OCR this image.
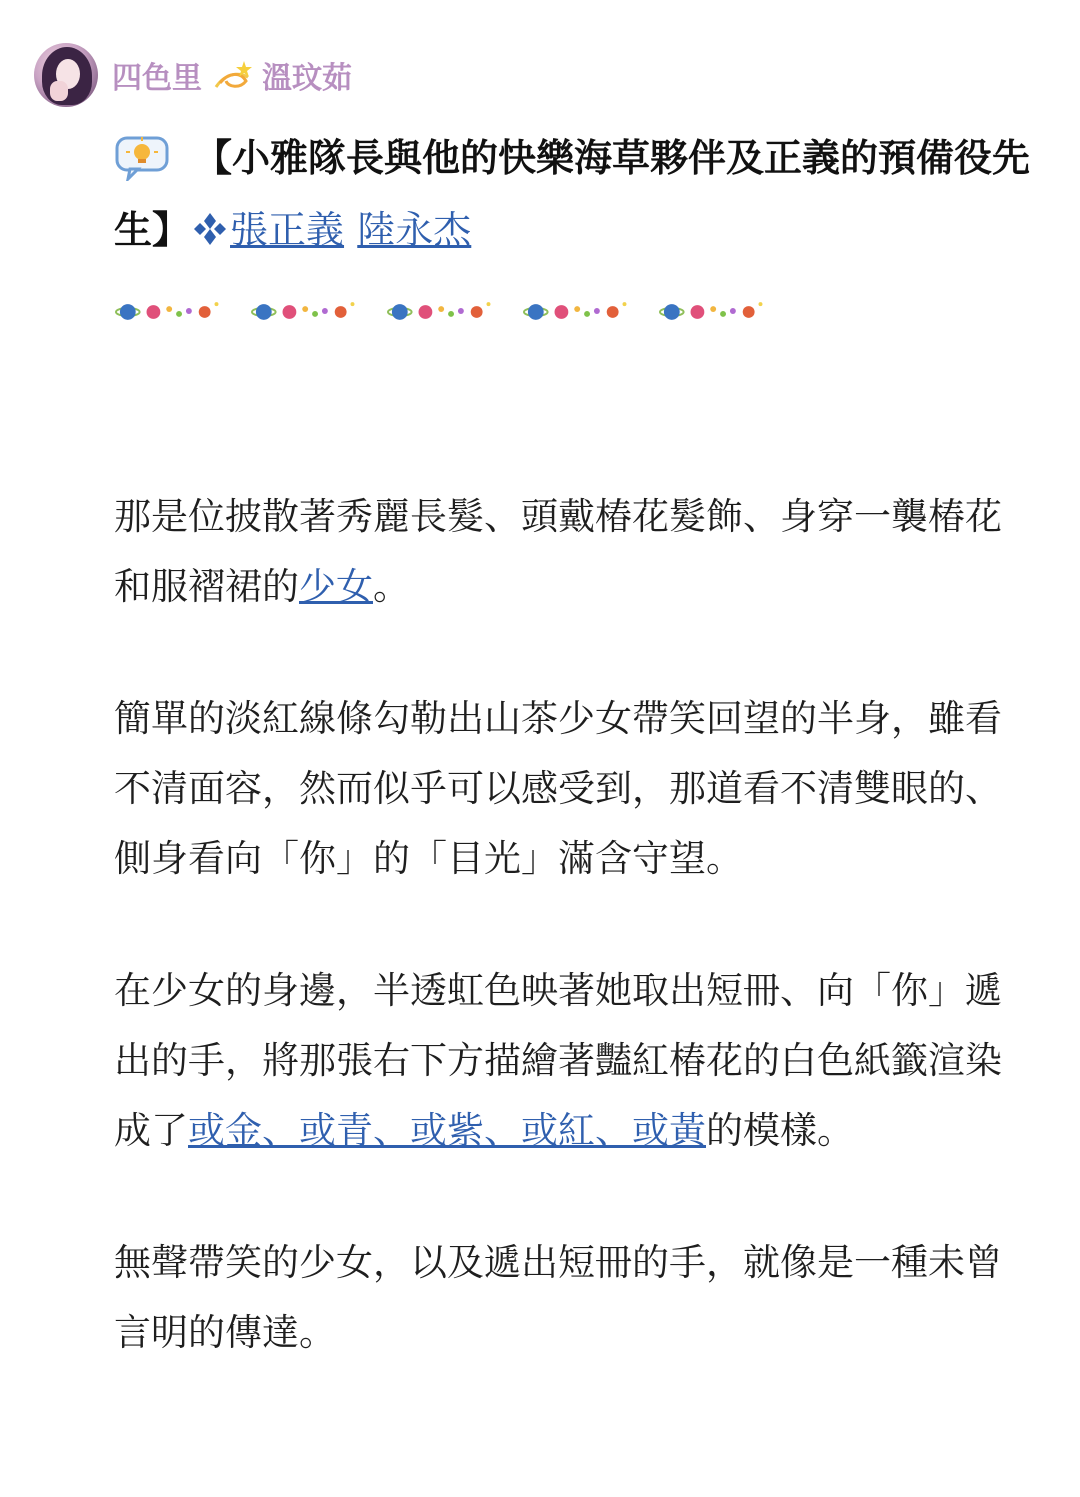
四色里 溫玟茹
【小雅隊長與他的快樂海草夥伴及正義的預備役先生】 張正義 陸永杰

那是位披散著秀麗長髮、頭戴椿花髮飾、身穿一襲椿花和服褶裙的少女。

簡單的淡紅線條勾勒出山茶少女帶笑回望的半身，雖看不清面容，然而似乎可以感受到，那道看不清雙眼的、側身看向「你」的「目光」滿含守望。

在少女的身邊，半透虹色映著她取出短冊、向「你」遞出的手，將那張右下方描繪著豔紅椿花的白色紙籤渲染成了或金、或青、或紫、或紅、或黃的模樣。

無聲帶笑的少女，以及遞出短冊的手，就像是一種未曾言明的傳達。
